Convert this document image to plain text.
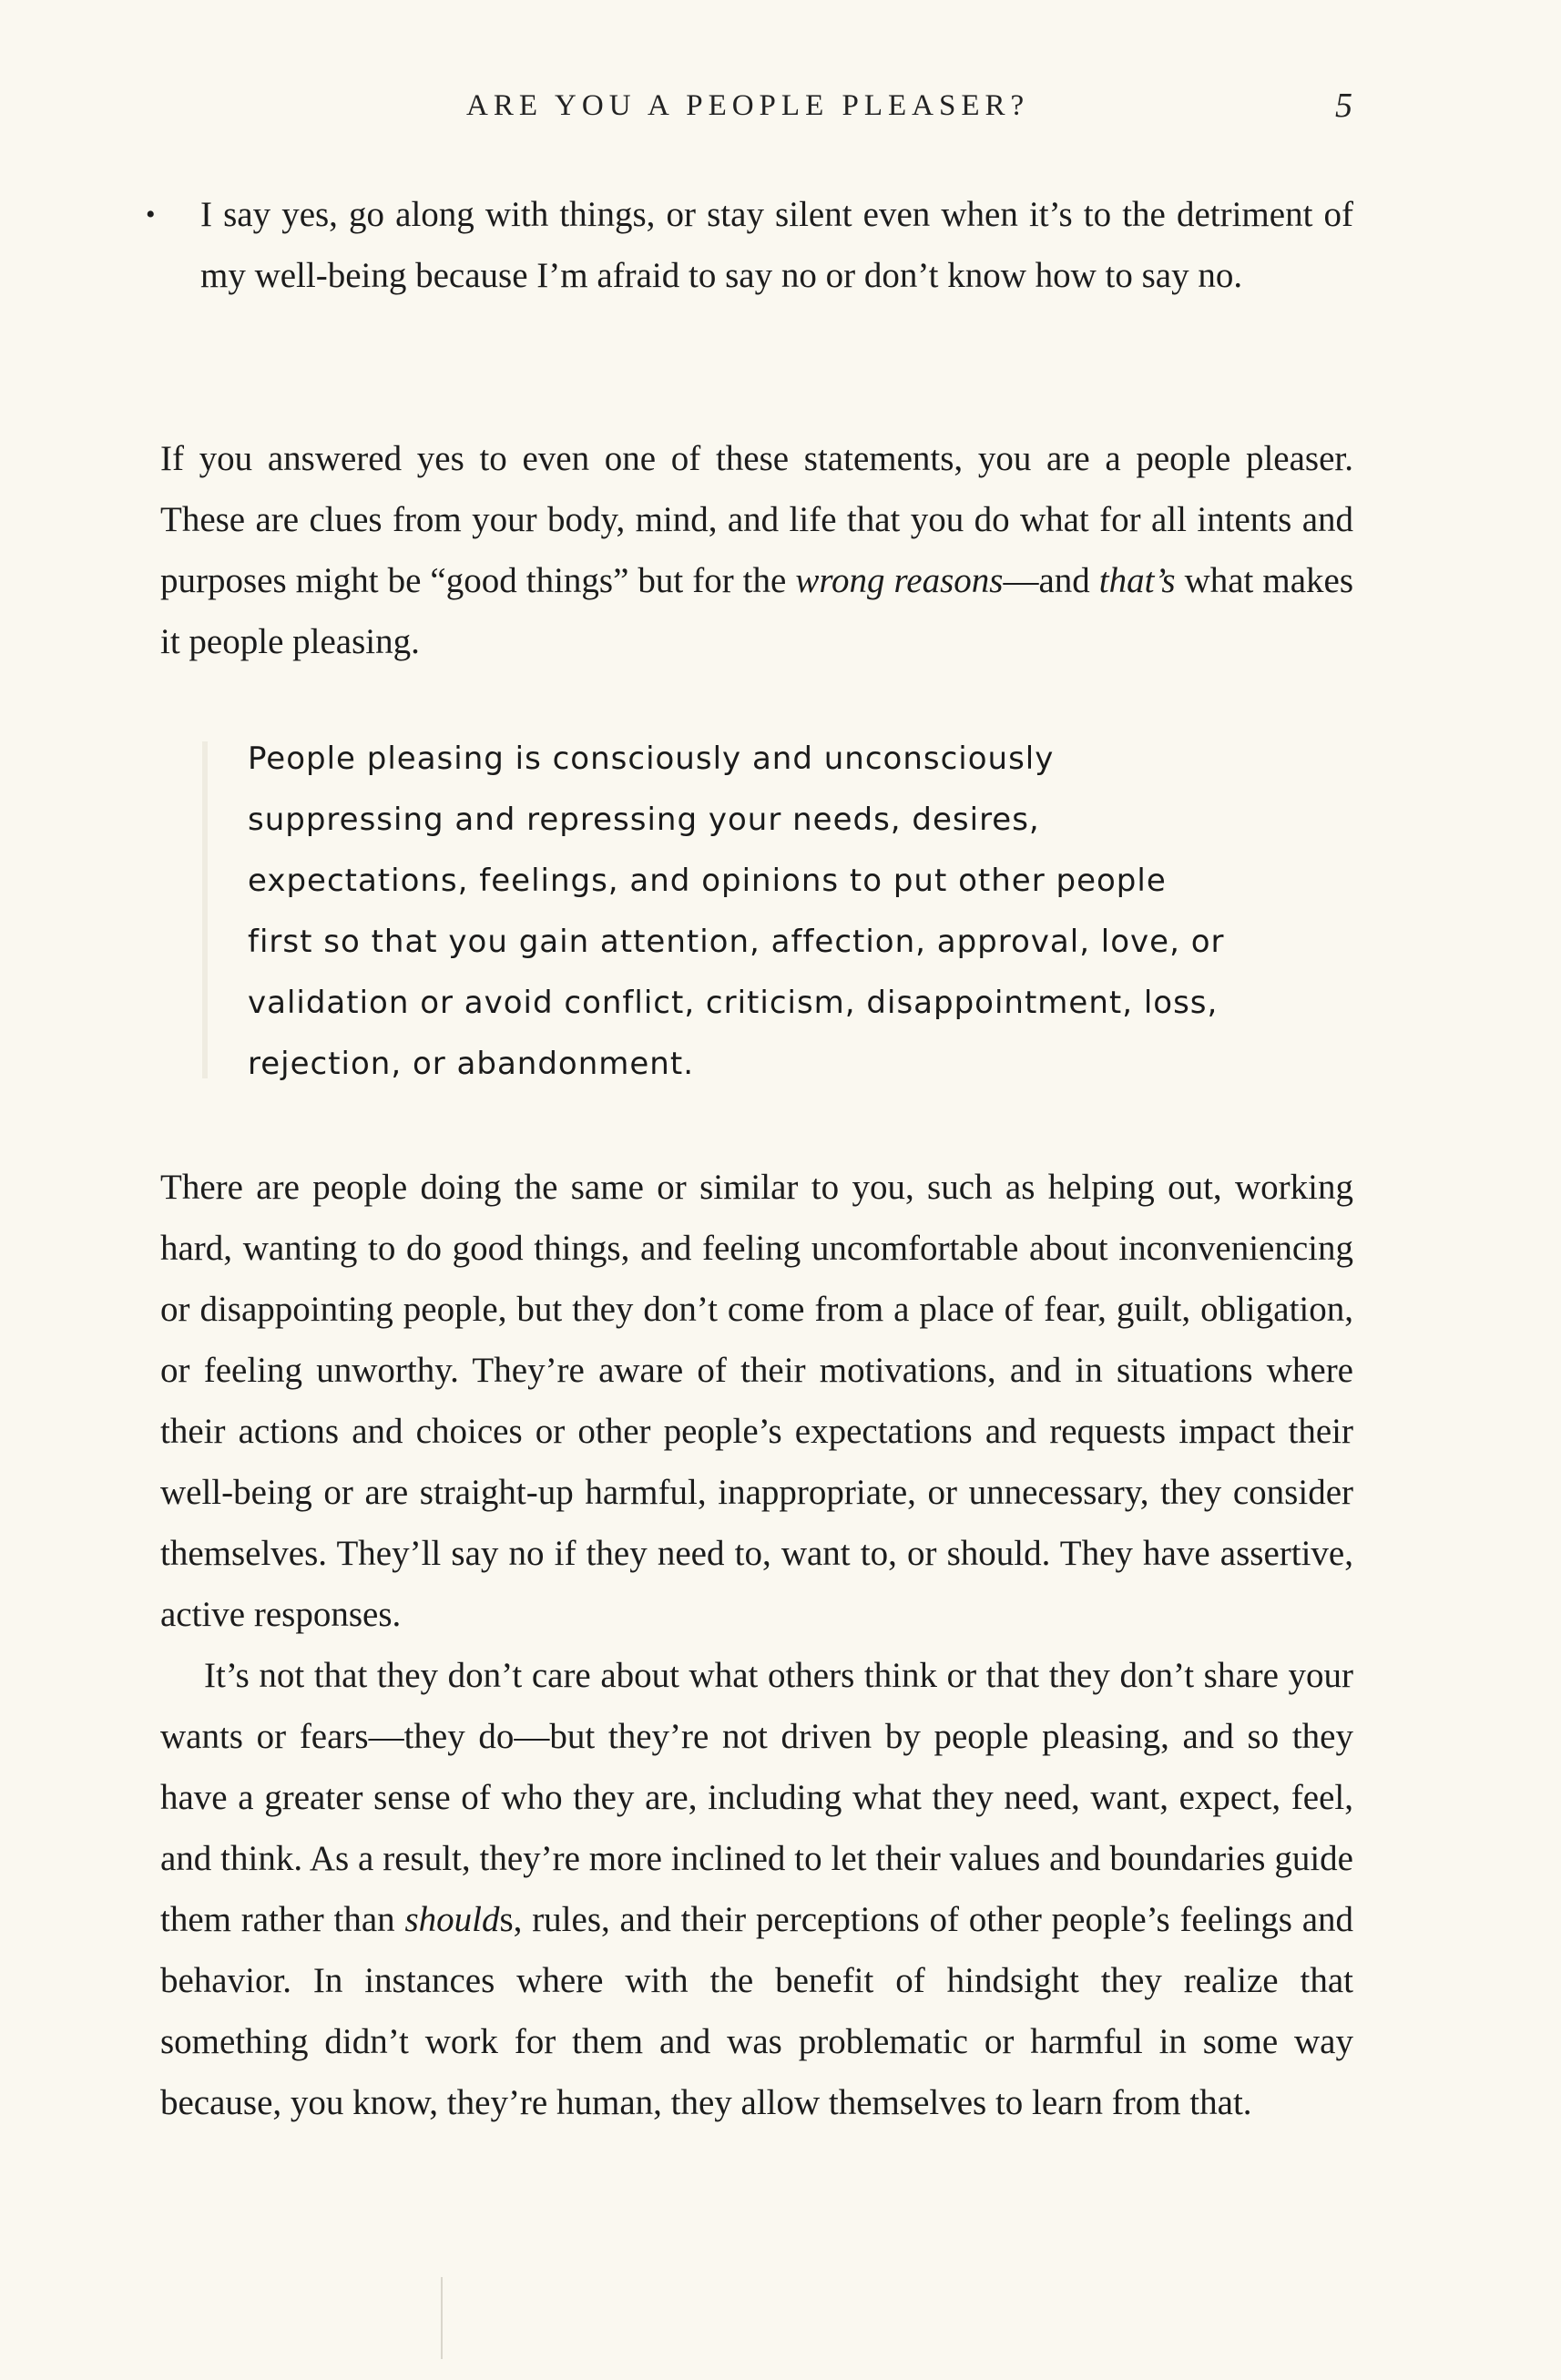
ARE YOU A PEOPLE PLEASER?	5
•	I say yes, go along with things, or stay silent even when it’s to the detriment of my well-being because I’m afraid to say no or don’t know how to say no.

If you answered yes to even one of these statements, you are a people pleaser. These are clues from your body, mind, and life that you do what for all intents and purposes might be “good things” but for the wrong reasons—and that’s what makes it people pleasing.

People pleasing is consciously and unconsciously suppressing and repressing your needs, desires, expectations, feelings, and opinions to put other people first so that you gain attention, affection, approval, love, or validation or avoid conflict, criticism, disappointment, loss, rejection, or abandonment.

There are people doing the same or similar to you, such as helping out, working hard, wanting to do good things, and feeling uncomfortable about inconveniencing or disappointing people, but they don’t come from a place of fear, guilt, obligation, or feeling unworthy. They’re aware of their motivations, and in situations where their actions and choices or other people’s expectations and requests impact their well-being or are straight-up harmful, inappropriate, or unnecessary, they consider themselves. They’ll say no if they need to, want to, or should. They have assertive, active responses.

It’s not that they don’t care about what others think or that they don’t share your wants or fears—they do—but they’re not driven by people pleasing, and so they have a greater sense of who they are, including what they need, want, expect, feel, and think. As a result, they’re more inclined to let their values and boundaries guide them rather than shoulds, rules, and their perceptions of other people’s feelings and behavior. In instances where with the benefit of hindsight they realize that something didn’t work for them and was problematic or harmful in some way because, you know, they’re human, they allow themselves to learn from that.
